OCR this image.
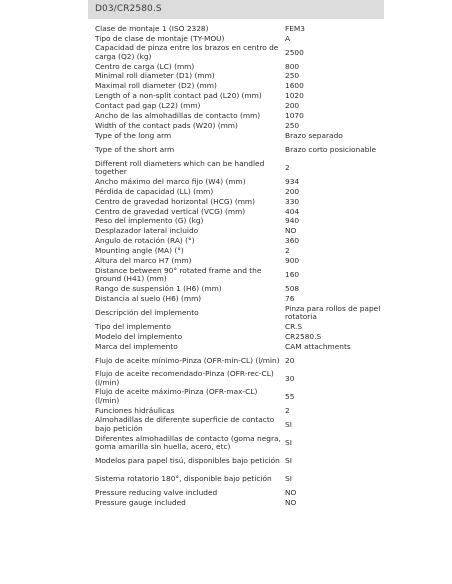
D03/CR2580.S
Clase de montaje 1 (ISO 2328)	FEM3
Tipo de clase de montaje (TY-MOU)	A
Capacidad de pinza entre los brazos en centro de carga (Q2) (kg)	2500
Centro de carga (LC) (mm)	800
Minimal roll diameter (D1) (mm)	250
Maximal roll diameter (D2) (mm)	1600
Length of a non-split contact pad (L20) (mm)	1020
Contact pad gap (L22) (mm)	200
Ancho de las almohadillas de contacto (mm)	1070
Width of the contact pads (W20) (mm)	250
Type of the long arm	Brazo separado
Type of the short arm	Brazo corto posicionable
Different roll diameters which can be handled together	2
Ancho máximo del marco fijo (W4) (mm)	934
Pérdida de capacidad (LL) (mm)	200
Centro de gravedad horizontal (HCG) (mm)	330
Centro de gravedad vertical (VCG) (mm)	404
Peso del implemento (G) (kg)	940
Desplazador lateral incluido	NO
Ángulo de rotación (RA) (°)	360
Mounting angle (MA) (°)	2
Altura del marco H7 (mm)	900
Distance between 90° rotated frame and the ground (H41) (mm)	160
Rango de suspensión 1 (H6) (mm)	508
Distancia al suelo (H6) (mm)	76
Descripción del implemento	Pinza para rollos de papel rotatoria
Tipo del implemento	CR.S
Modelo del implemento	CR2580.S
Marca del implemento	CAM attachments
Flujo de aceite mínimo-Pinza (OFR-min-CL) (l/min) 20
Flujo de aceite recomendado-Pinza (OFR-rec-CL) (l/min)	30
Flujo de aceite máximo-Pinza (OFR-max-CL) (l/min)	55
Funciones hidráulicas	2
Almohadillas de diferente superficie de contacto bajo petición	SI
Diferentes almohadillas de contacto (goma negra, goma amarilla sin huella, acero, etc)	SI
Modelos para papel tisú, disponibles bajo petición SI
Sistema rotatorio 180°, disponible bajo petición	SI
Pressure reducing valve included	NO
Pressure gauge included	NO
